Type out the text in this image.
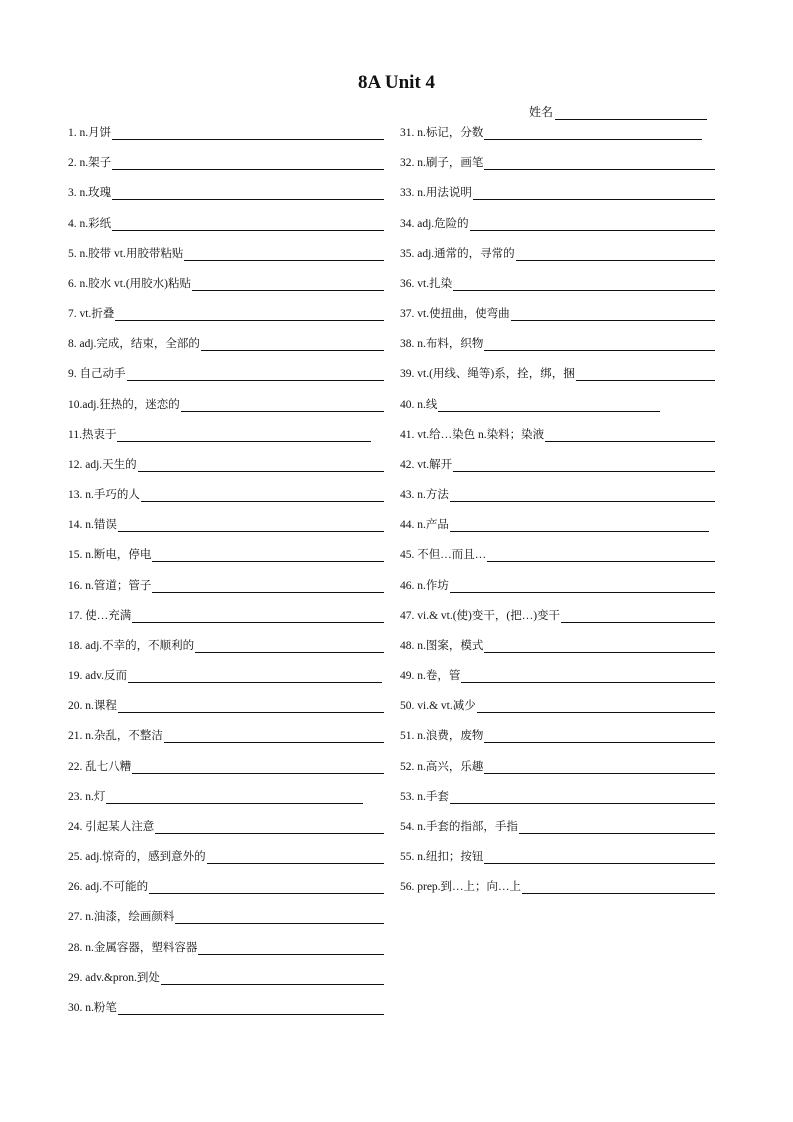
8A Unit 4
姓名
1. n.月饼
2. n.架子
3. n.玫瑰
4. n.彩纸
5. n.胶带 vt.用胶带粘贴
6. n.胶水 vt.(用胶水)粘贴
7. vt.折叠
8. adj.完成，结束，全部的
9. 自己动手
10.adj.狂热的，迷恋的
11.热衷于
12. adj.天生的
13. n.手巧的人
14. n.错误
15. n.断电，停电
16. n.管道；管子
17. 使…充满
18. adj.不幸的，不顺利的
19. adv.反而
20. n.课程
21. n.杂乱，不整洁
22. 乱七八糟
23. n.灯
24. 引起某人注意
25. adj.惊奇的，感到意外的
26. adj.不可能的
27. n.油漆，绘画颜料
28. n.金属容器，塑料容器
29. adv.&pron.到处
30. n.粉笔
31. n.标记，分数
32. n.刷子，画笔
33. n.用法说明
34. adj.危险的
35. adj.通常的，寻常的
36. vt.扎染
37. vt.使扭曲，使弯曲
38. n.布料，织物
39. vt.(用线、绳等)系，拴，绑，捆
40. n.线
41. vt.给…染色 n.染料；染液
42. vt.解开
43. n.方法
44. n.产品
45. 不但…而且…
46. n.作坊
47. vi.& vt.(使)变干，(把…)变干
48. n.图案，模式
49. n.卷，管
50. vi.& vt.减少
51. n.浪费，废物
52. n.高兴，乐趣
53. n.手套
54. n.手套的指部，手指
55. n.纽扣；按钮
56. prep.到…上；向…上
